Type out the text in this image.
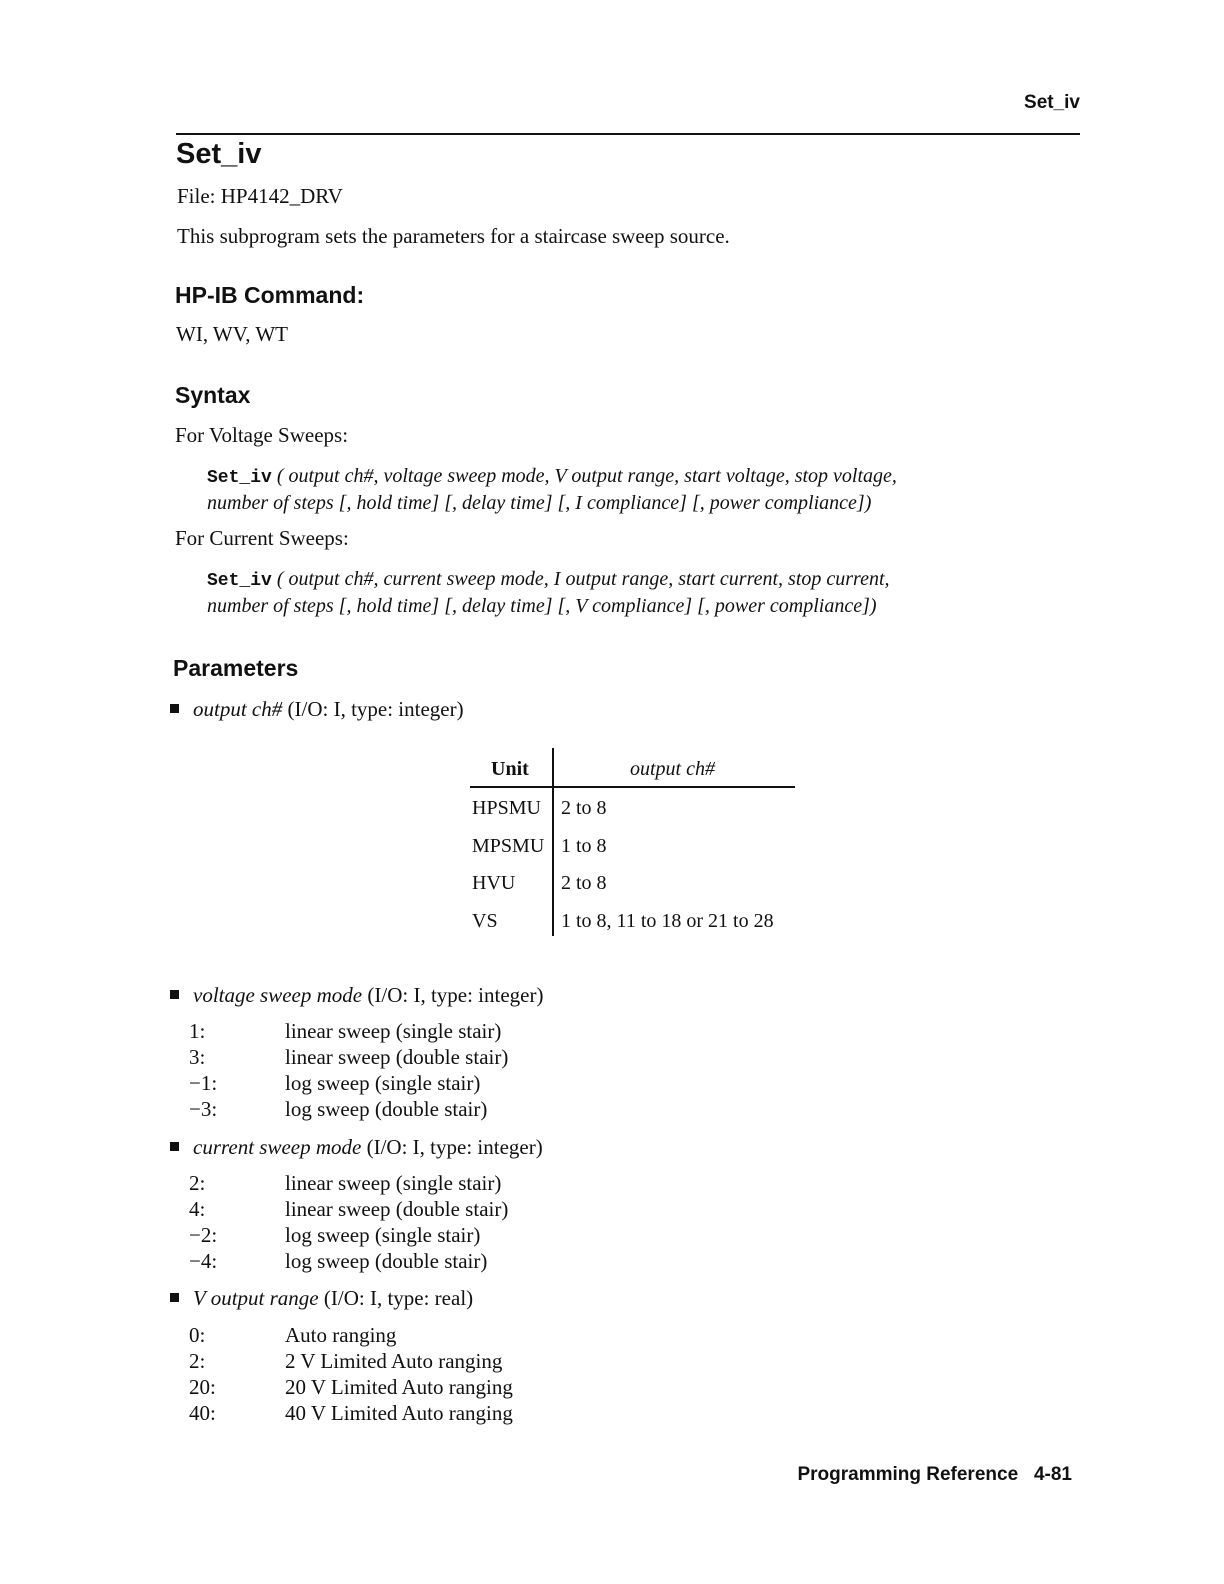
Set_iv
Set_iv
File: HP4142_DRV
This subprogram sets the parameters for a staircase sweep source.
HP-IB Command:
WI, WV, WT
Syntax
For Voltage Sweeps:
Set_iv ( output ch#, voltage sweep mode, V output range, start voltage, stop voltage,
number of steps [, hold time] [, delay time] [, I compliance] [, power compliance])
For Current Sweeps:
Set_iv ( output ch#, current sweep mode, I output range, start current, stop current,
number of steps [, hold time] [, delay time] [, V compliance] [, power compliance])
Parameters
output ch# (I/O: I, type: integer)
Unit	output ch#
HPSMU 2 to 8
MPSMU 1 to 8
HVU 2 to 8
VS	1 to 8, 11 to 18 or 21 to 28
voltage sweep mode (I/O: I, type: integer)
1:	linear sweep (single stair)
3:	linear sweep (double stair)
−1:	log sweep (single stair)
−3:	log sweep (double stair)
current sweep mode (I/O: I, type: integer)
2:	linear sweep (single stair)
4:	linear sweep (double stair)
−2:	log sweep (single stair)
−4:	log sweep (double stair)
V output range (I/O: I, type: real)
0:	Auto ranging
2:	2 V Limited Auto ranging
20:	20 V Limited Auto ranging
40:	40 V Limited Auto ranging
Programming Reference   4-81
